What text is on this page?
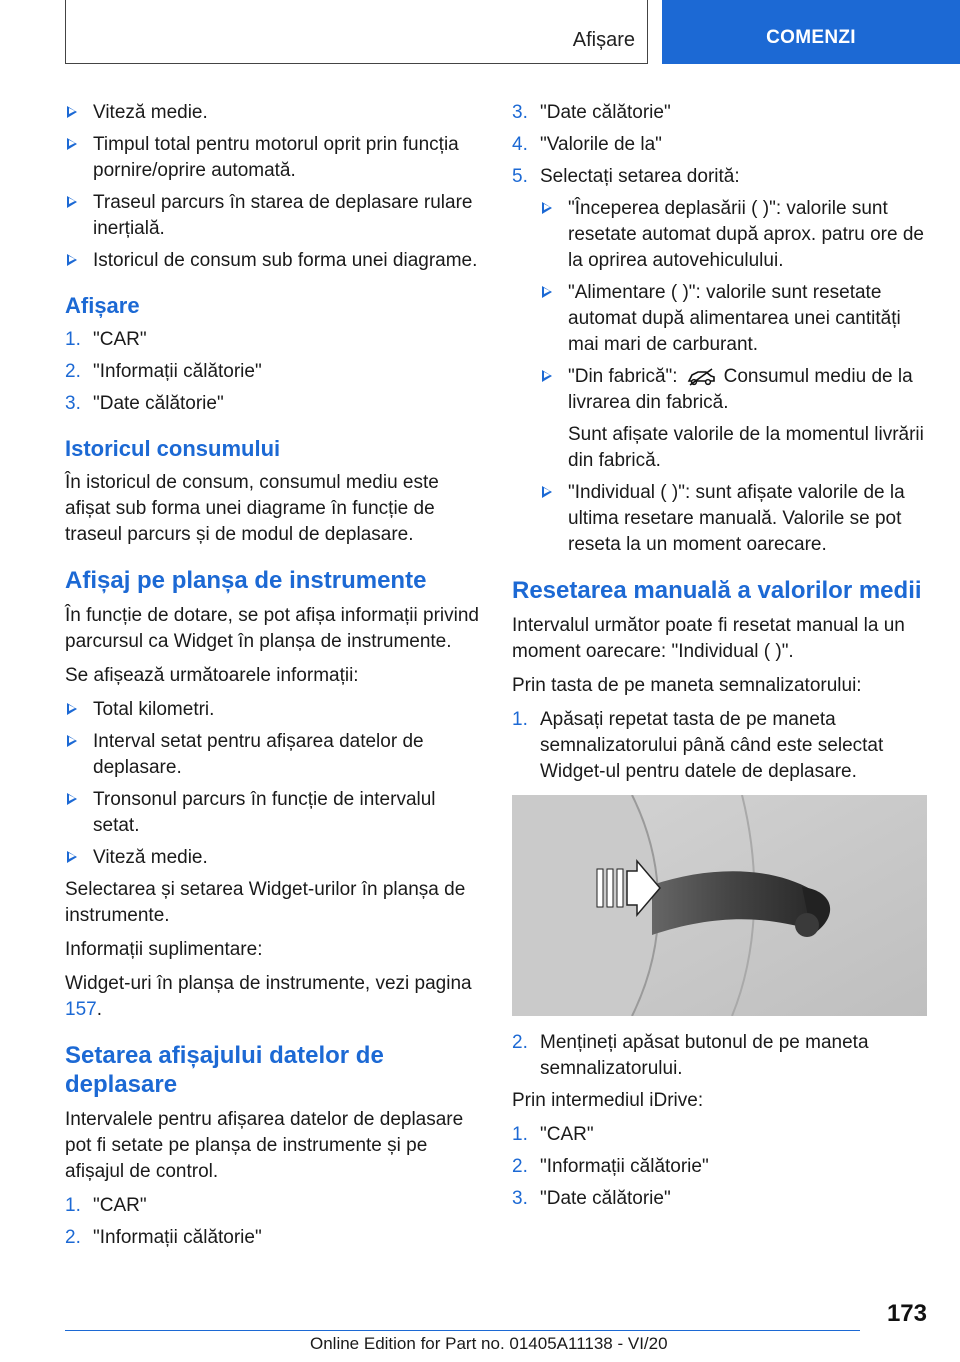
Afișare	COMENZI
Viteză medie.
Timpul total pentru motorul oprit prin funcția pornire/oprire automată.
Traseul parcurs în starea de deplasare rulare inerțială.
Istoricul de consum sub forma unei diagrame.
Afișare
1. "CAR"
2. "Informații călătorie"
3. "Date călătorie"
Istoricul consumului

În istoricul de consum, consumul mediu este afișat sub forma unei diagrame în funcție de traseul parcurs și de modul de deplasare.

Afișaj pe planșa de instrumente

În funcție de dotare, se pot afișa informații privind parcursul ca Widget în planșa de instrumente.

Se afișează următoarele informații:

Total kilometri.
Interval setat pentru afișarea datelor de deplasare.
Tronsonul parcurs în funcție de intervalul setat.
Viteză medie.

Selectarea și setarea Widget-urilor în planșa de instrumente.

Informații suplimentare:

Widget-uri în planșa de instrumente, vezi pagina 157.

Setarea afișajului datelor de deplasare

Intervalele pentru afișarea datelor de deplasare pot fi setate pe planșa de instrumente și pe afișajul de control.

1. "CAR"
2. "Informații călătorie"
3. "Date călătorie"
4. "Valorile de la"
5. Selectați setarea dorită:
"Începerea deplasării ( )": valorile sunt resetate automat după aprox. patru ore de la oprirea autovehiculului.
"Alimentare ( )": valorile sunt resetate automat după alimentarea unei cantități mai mari de carburant.
"Din fabrică": Consumul mediu de la livrarea din fabrică.
Sunt afișate valorile de la momentul livrării din fabrică.
"Individual ( )": sunt afișate valorile de la ultima resetare manuală. Valorile se pot reseta la un moment oarecare.
Resetarea manuală a valorilor medii

Intervalul următor poate fi resetat manual la un moment oarecare: "Individual ( )".

Prin tasta de pe maneta semnalizatorului:

1. Apăsați repetat tasta de pe maneta semnalizatorului până când este selectat Widget-ul pentru datele de deplasare.
2. Mențineți apăsat butonul de pe maneta semnalizatorului.

Prin intermediul iDrive:

1. "CAR"
2. "Informații călătorie"
3. "Date călătorie"
173
Online Edition for Part no. 01405A11138 - VI/20
